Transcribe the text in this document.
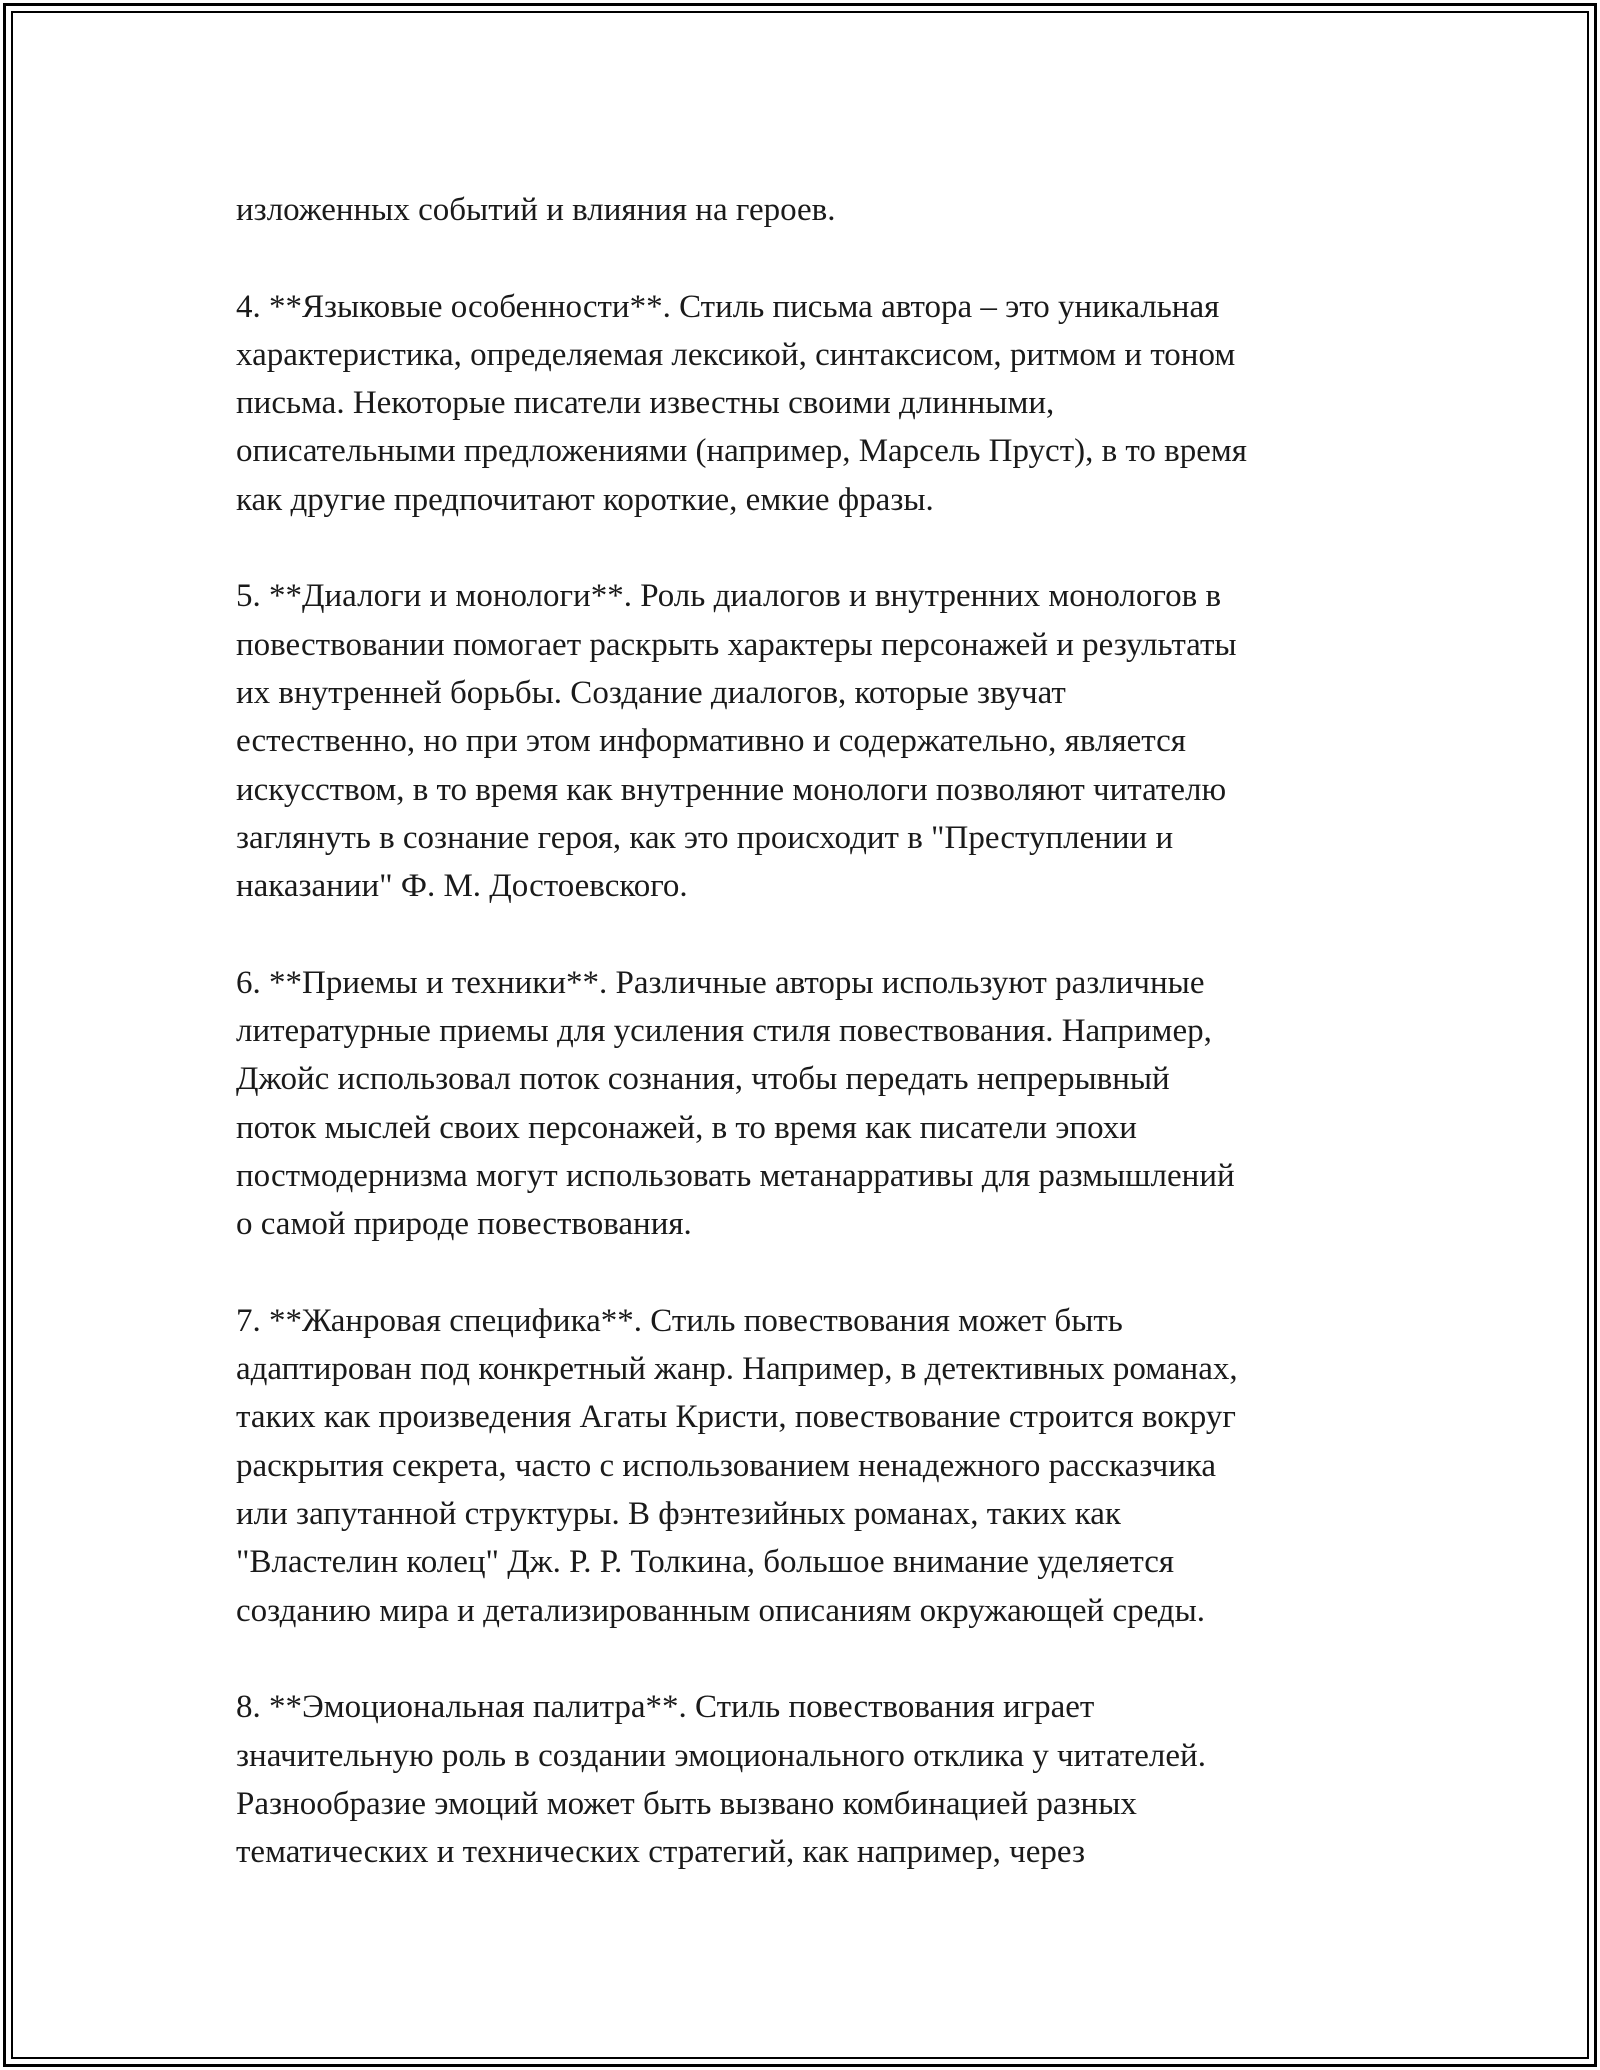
изложенных событий и влияния на героев.

4. **Языковые особенности**. Стиль письма автора – это уникальная
характеристика, определяемая лексикой, синтаксисом, ритмом и тоном
письма. Некоторые писатели известны своими длинными,
описательными предложениями (например, Марсель Пруст), в то время
как другие предпочитают короткие, емкие фразы.

5. **Диалоги и монологи**. Роль диалогов и внутренних монологов в
повествовании помогает раскрыть характеры персонажей и результаты
их внутренней борьбы. Создание диалогов, которые звучат
естественно, но при этом информативно и содержательно, является
искусством, в то время как внутренние монологи позволяют читателю
заглянуть в сознание героя, как это происходит в "Преступлении и
наказании" Ф. М. Достоевского.

6. **Приемы и техники**. Различные авторы используют различные
литературные приемы для усиления стиля повествования. Например,
Джойс использовал поток сознания, чтобы передать непрерывный
поток мыслей своих персонажей, в то время как писатели эпохи
постмодернизма могут использовать метанарративы для размышлений
о самой природе повествования.

7. **Жанровая специфика**. Стиль повествования может быть
адаптирован под конкретный жанр. Например, в детективных романах,
таких как произведения Агаты Кристи, повествование строится вокруг
раскрытия секрета, часто с использованием ненадежного рассказчика
или запутанной структуры. В фэнтезийных романах, таких как
"Властелин колец" Дж. Р. Р. Толкина, большое внимание уделяется
созданию мира и детализированным описаниям окружающей среды.

8. **Эмоциональная палитра**. Стиль повествования играет
значительную роль в создании эмоционального отклика у читателей.
Разнообразие эмоций может быть вызвано комбинацией разных
тематических и технических стратегий, как например, через
